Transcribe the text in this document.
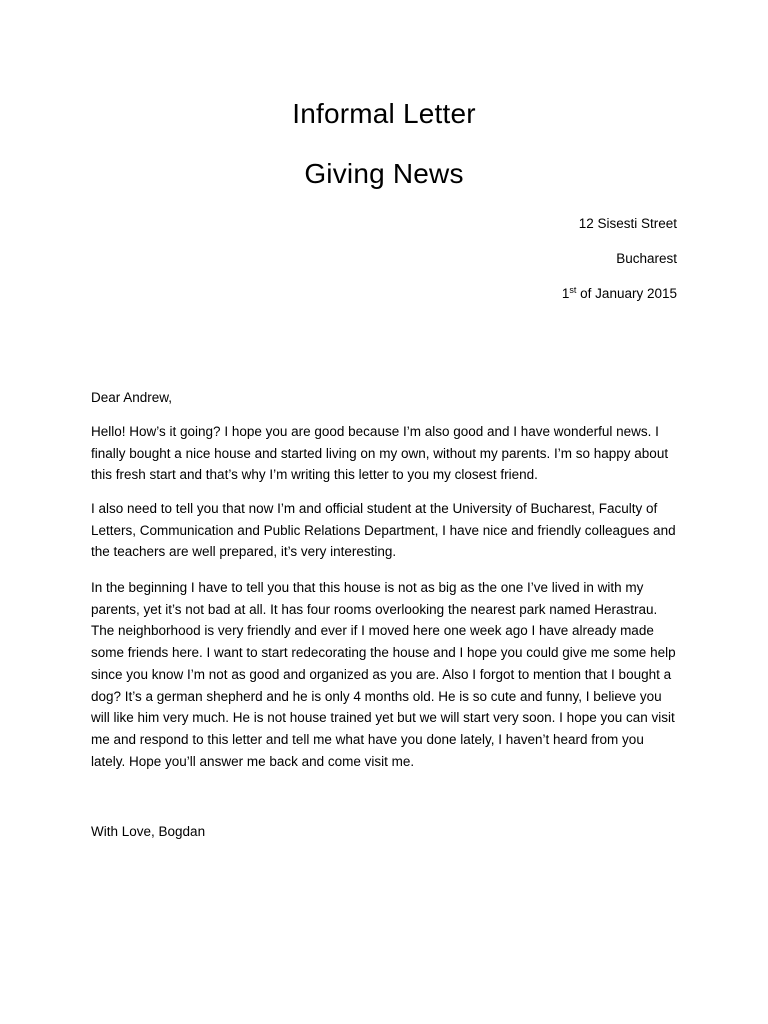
Informal Letter
Giving News
12 Sisesti Street
Bucharest
1st of January 2015

Dear Andrew,

Hello! How’s it going? I hope you are good because I’m also good and I have wonderful news. I finally bought a nice house and started living on my own, without my parents. I’m so happy about this fresh start and that’s why I’m writing this letter to you my closest friend.

I also need to tell you that now I’m and official student at the University of Bucharest, Faculty of Letters, Communication and Public Relations Department, I have nice and friendly colleagues and the teachers are well prepared, it’s very interesting.

In the beginning I have to tell you that this house is not as big as the one I’ve lived in with my parents, yet it’s not bad at all. It has four rooms overlooking the nearest park named Herastrau. The neighborhood is very friendly and ever if I moved here one week ago I have already made some friends here. I want to start redecorating the house and I hope you could give me some help since you know I’m not as good and organized as you are. Also I forgot to mention that I bought a dog? It’s a german shepherd and he is only 4 months old. He is so cute and funny, I believe you will like him very much. He is not house trained yet but we will start very soon. I hope you can visit me and respond to this letter and tell me what have you done lately, I haven’t heard from you lately. Hope you’ll answer me back and come visit me.

With Love, Bogdan
